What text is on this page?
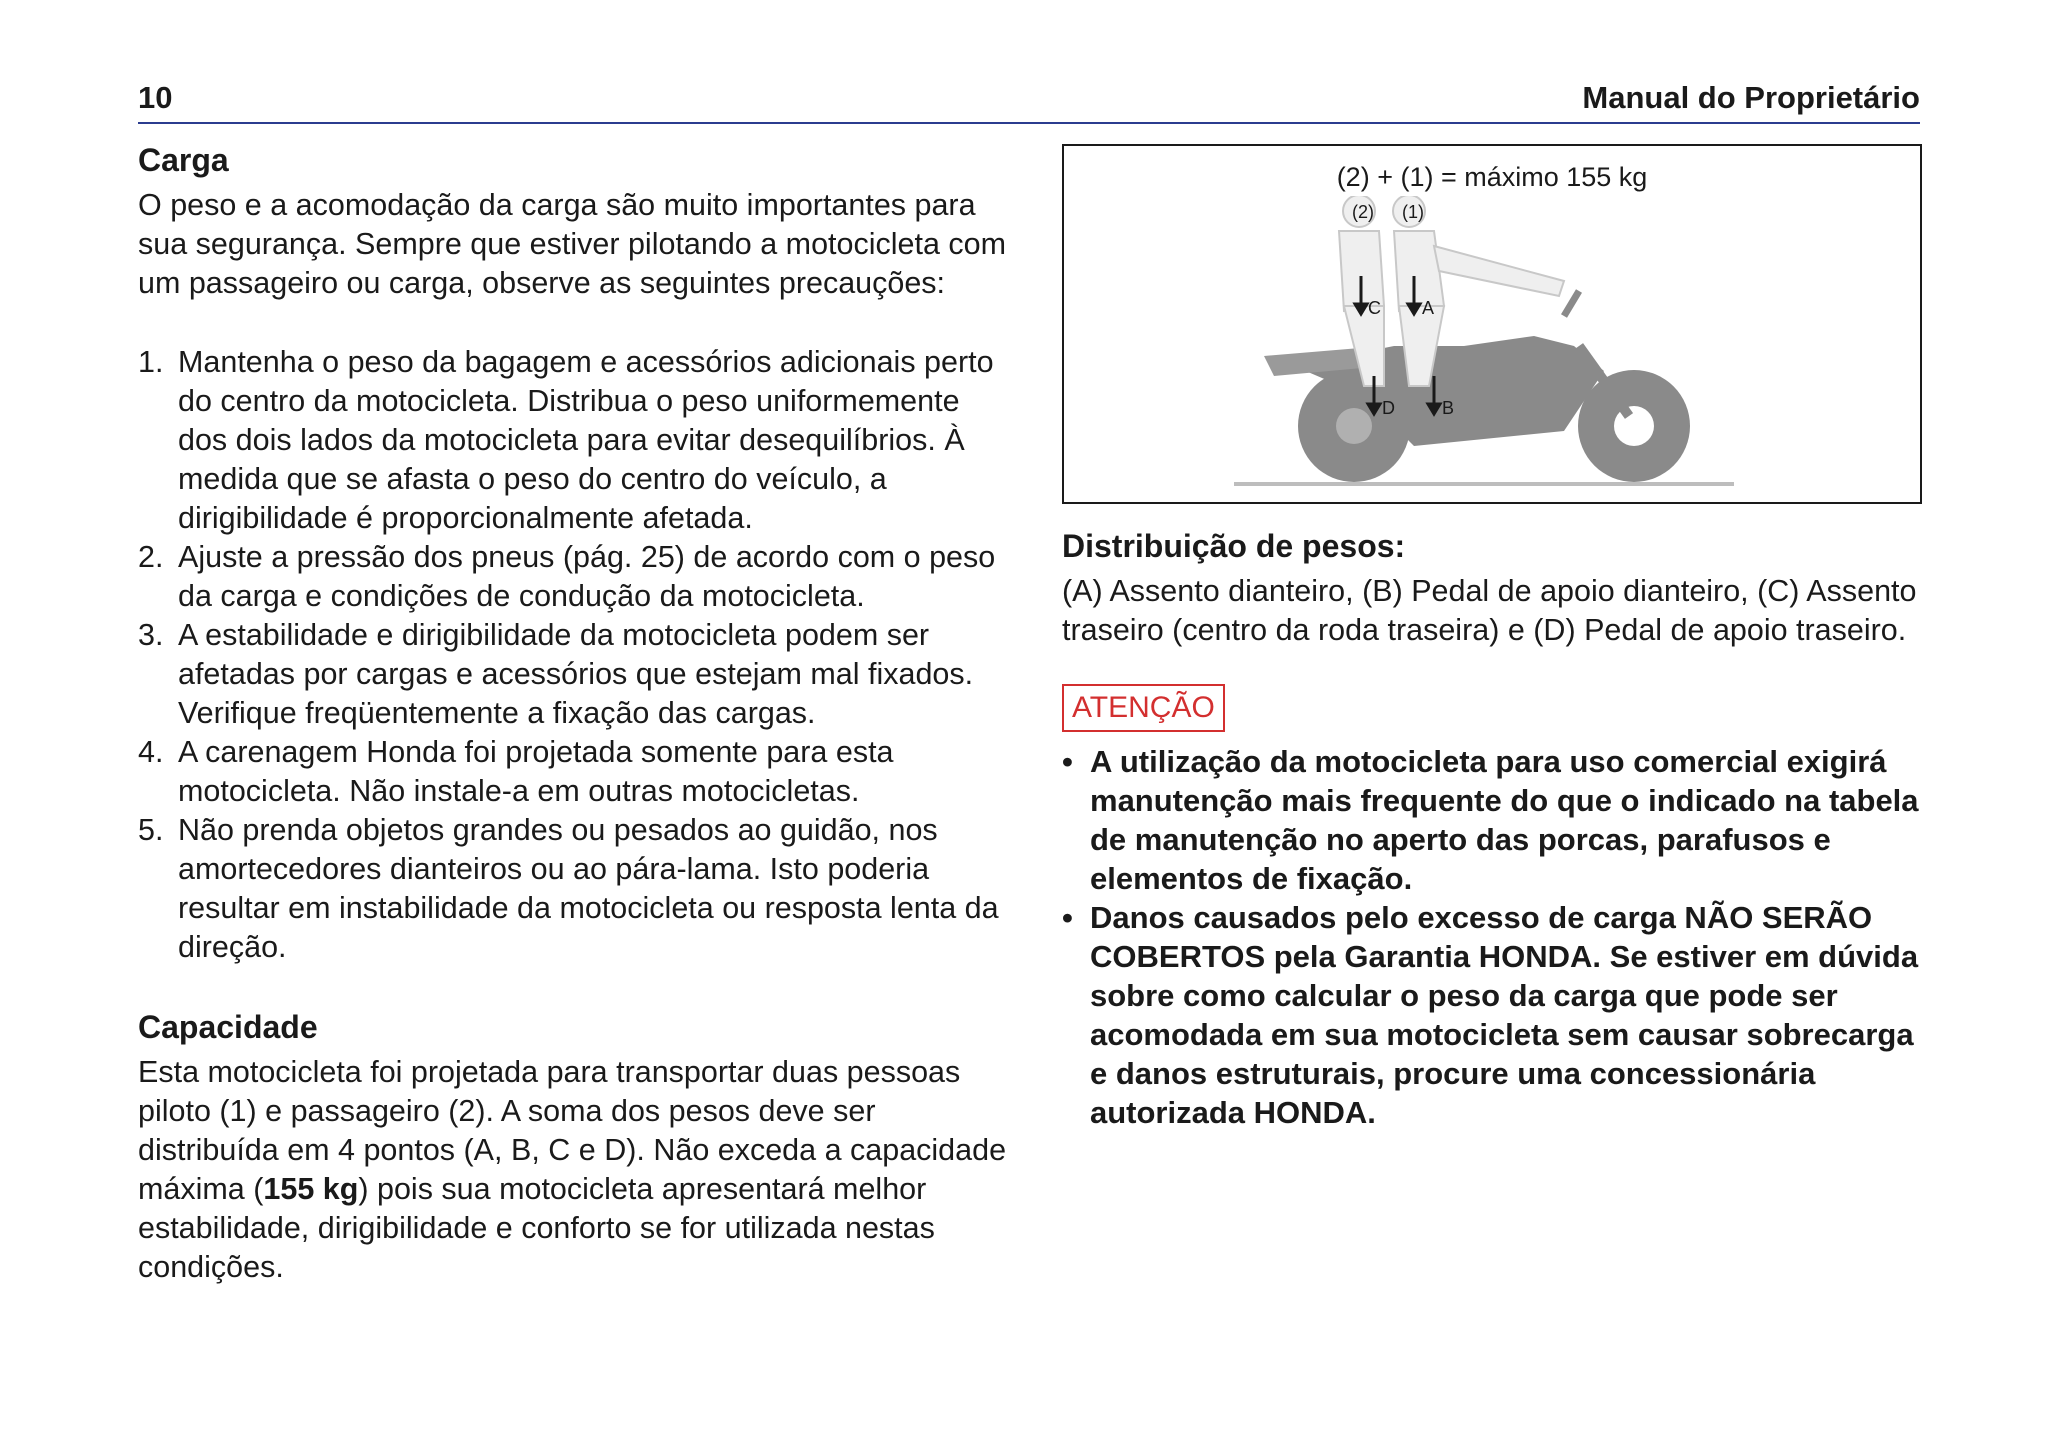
10	Manual do Proprietário
Carga

O peso e a acomodação da carga são muito importantes para sua segurança. Sempre que estiver pilotando a motocicleta com um passageiro ou carga, observe as seguintes precauções:

1. Mantenha o peso da bagagem e acessórios adicionais perto do centro da motocicleta. Distribua o peso uniformemente dos dois lados da motocicleta para evitar desequilíbrios. À medida que se afasta o peso do centro do veículo, a dirigibilidade é proporcionalmente afetada.
2. Ajuste a pressão dos pneus (pág. 25) de acordo com o peso da carga e condições de condução da motocicleta.
3. A estabilidade e dirigibilidade da motocicleta podem ser afetadas por cargas e acessórios que estejam mal fixados. Verifique freqüentemente a fixação das cargas.
4. A carenagem Honda foi projetada somente para esta motocicleta. Não instale-a em outras motocicletas.
5. Não prenda objetos grandes ou pesados ao guidão, nos amortecedores dianteiros ou ao pára-lama. Isto poderia resultar em instabilidade da motocicleta ou resposta lenta da direção.
Capacidade

Esta motocicleta foi projetada para transportar duas pessoas piloto (1) e passageiro (2). A soma dos pesos deve ser distribuída em 4 pontos (A, B, C e D). Não exceda a capacidade máxima (155 kg) pois sua motocicleta apresentará melhor estabilidade, dirigibilidade e conforto se for utilizada nestas condições.

(2) + (1) = máximo 155 kg
(2) (1)
C A
D	B
Distribuição de pesos:

(A) Assento dianteiro, (B) Pedal de apoio dianteiro, (C) Assento traseiro (centro da roda traseira) e (D) Pedal de apoio traseiro.

ATENÇÃO
• A utilização da motocicleta para uso comercial exigirá manutenção mais frequente do que o indicado na tabela de manutenção no aperto das porcas, parafusos e elementos de fixação.
• Danos causados pelo excesso de carga NÃO SERÃO COBERTOS pela Garantia HONDA. Se estiver em dúvida sobre como calcular o peso da carga que pode ser acomodada em sua motocicleta sem causar sobrecarga e danos estruturais, procure uma concessionária autorizada HONDA.
